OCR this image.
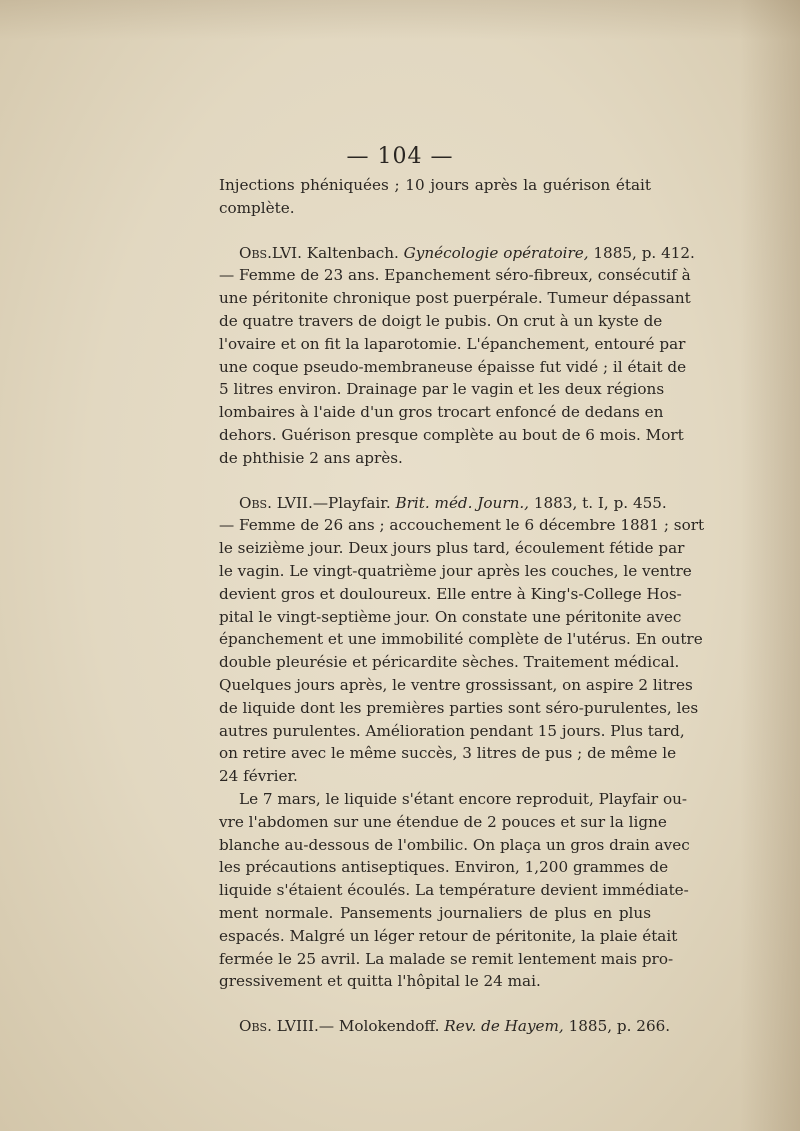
— 104 —
Injections phéniquées ; 10 jours après la guérison était
complète.
Obs.LVI. Kaltenbach. Gynécologie opératoire, 1885, p. 412.
— Femme de 23 ans. Epanchement séro-fibreux, consécutif à
une péritonite chronique post puerpérale. Tumeur dépassant
de quatre travers de doigt le pubis. On crut à un kyste de
l'ovaire et on fit la laparotomie. L'épanchement, entouré par
une coque pseudo-membraneuse épaisse fut vidé ; il était de
5 litres environ. Drainage par le vagin et les deux régions
lombaires à l'aide d'un gros trocart enfoncé de dedans en
dehors. Guérison presque complète au bout de 6 mois. Mort
de phthisie 2 ans après.
Obs. LVII.—Playfair. Brit. méd. Journ., 1883, t. I, p. 455.
— Femme de 26 ans ; accouchement le 6 décembre 1881 ; sort
le seizième jour. Deux jours plus tard, écoulement fétide par
le vagin. Le vingt-quatrième jour après les couches, le ventre
devient gros et douloureux. Elle entre à King's-College Hos-
pital le vingt-septième jour. On constate une péritonite avec
épanchement et une immobilité complète de l'utérus. En outre
double pleurésie et péricardite sèches. Traitement médical.
Quelques jours après, le ventre grossissant, on aspire 2 litres
de liquide dont les premières parties sont séro-purulentes, les
autres purulentes. Amélioration pendant 15 jours. Plus tard,
on retire avec le même succès, 3 litres de pus ; de même le
24 février.
Le 7 mars, le liquide s'étant encore reproduit, Playfair ou-
vre l'abdomen sur une étendue de 2 pouces et sur la ligne
blanche au-dessous de l'ombilic. On plaça un gros drain avec
les précautions antiseptiques. Environ, 1,200 grammes de
liquide s'étaient écoulés. La température devient immédiate-
ment normale. Pansements journaliers de plus en plus
espacés. Malgré un léger retour de péritonite, la plaie était
fermée le 25 avril. La malade se remit lentement mais pro-
gressivement et quitta l'hôpital le 24 mai.
Obs. LVIII.— Molokendoff. Rev. de Hayem, 1885, p. 266.
